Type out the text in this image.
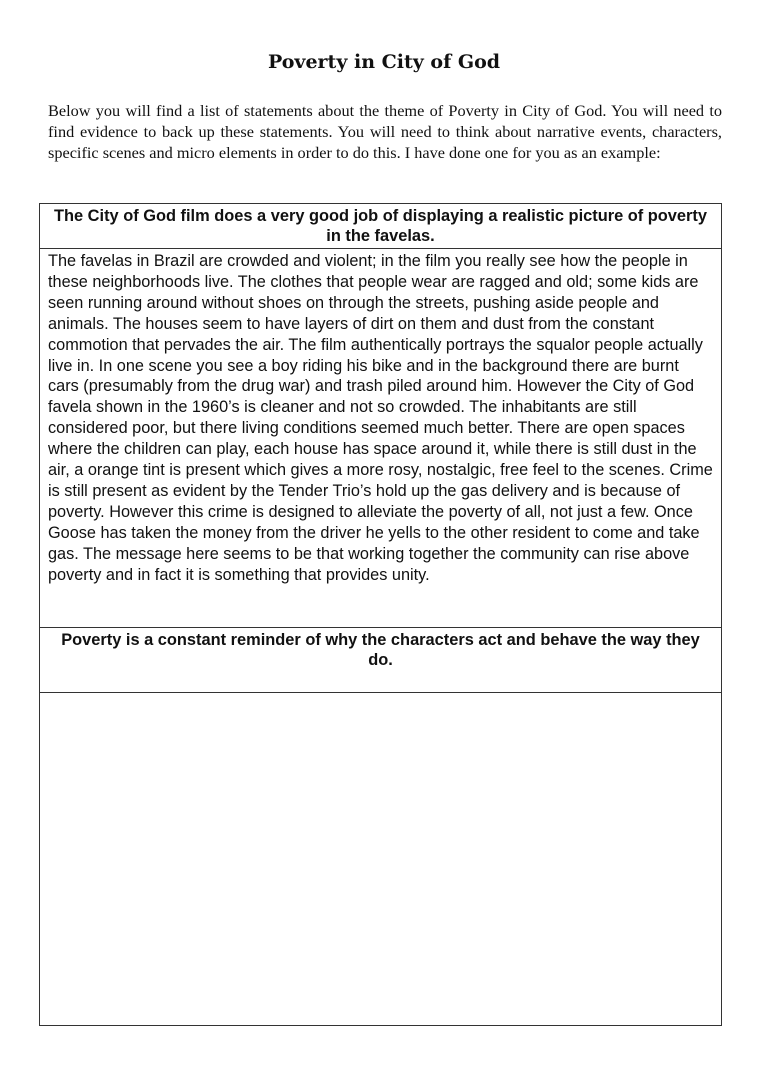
Poverty in City of God

Below you will find a list of statements about the theme of Poverty in City of God. You will need to find evidence to back up these statements. You will need to think about narrative events, characters, specific scenes and micro elements in order to do this. I have done one for you as an example:

The City of God film does a very good job of displaying a realistic picture of poverty in the favelas.
The favelas in Brazil are crowded and violent; in the film you really see how the people in these neighborhoods live. The clothes that people wear are ragged and old; some kids are seen running around without shoes on through the streets, pushing aside people and animals. The houses seem to have layers of dirt on them and dust from the constant commotion that pervades the air. The film authentically portrays the squalor people actually live in. In one scene you see a boy riding his bike and in the background there are burnt cars (presumably from the drug war) and trash piled around him. However the City of God favela shown in the 1960’s is cleaner and not so crowded. The inhabitants are still considered poor, but there living conditions seemed much better. There are open spaces where the children can play, each house has space around it, while there is still dust in the air, a orange tint is present which gives a more rosy, nostalgic, free feel to the scenes. Crime is still present as evident by the Tender Trio’s hold up the gas delivery and is because of poverty. However this crime is designed to alleviate the poverty of all, not just a few. Once Goose has taken the money from the driver he yells to the other resident to come and take gas. The message here seems to be that working together the community can rise above poverty and in fact it is something that provides unity.
Poverty is a constant reminder of why the characters act and behave the way they do.
